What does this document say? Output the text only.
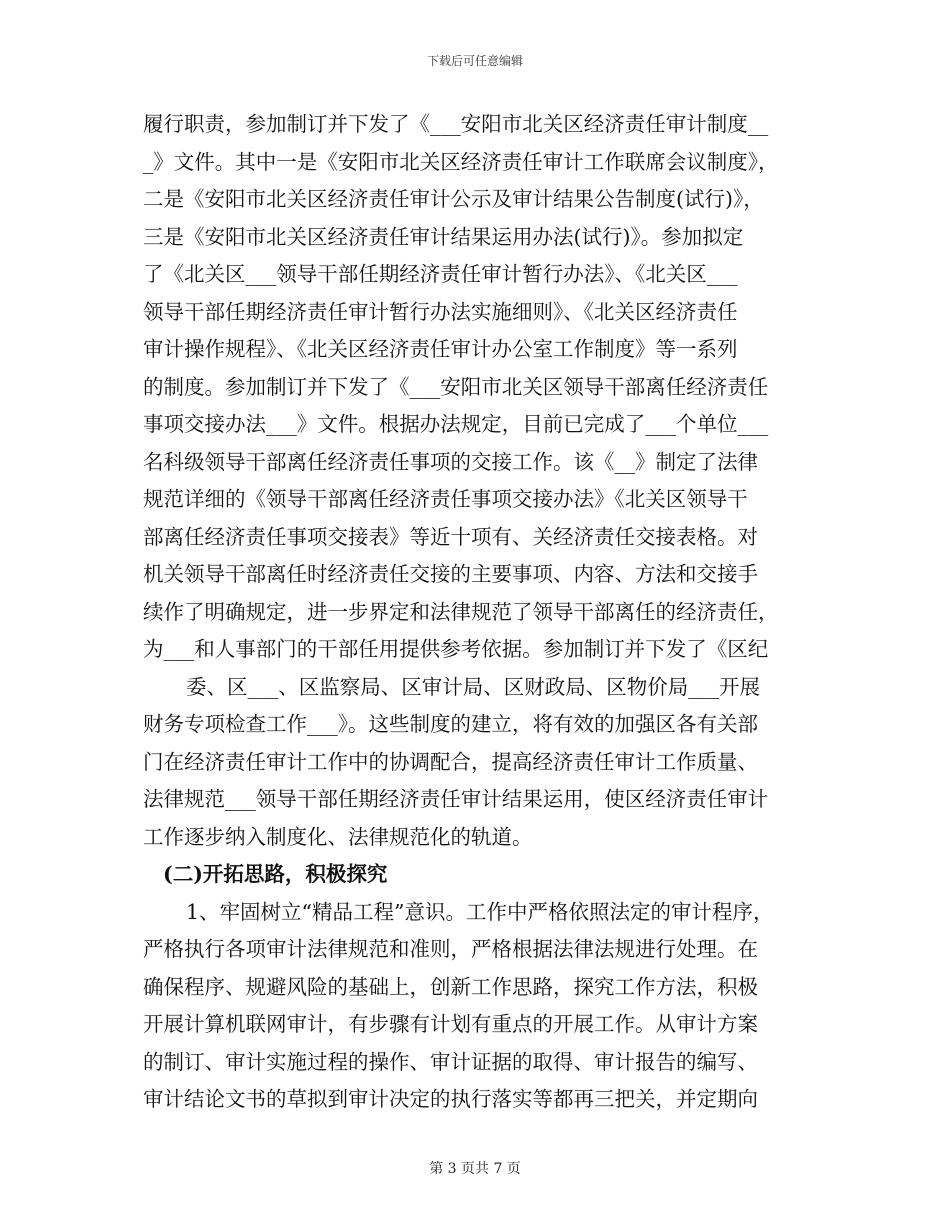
下载后可任意编辑
履行职责，参加制订并下发了《___安阳市北关区经济责任审计制度__
_》文件。其中一是《安阳市北关区经济责任审计工作联席会议制度》，
二是《安阳市北关区经济责任审计公示及审计结果公告制度(试行)》，
三是《安阳市北关区经济责任审计结果运用办法(试行)》。参加拟定
了《北关区___领导干部任期经济责任审计暂行办法》、《北关区___
领导干部任期经济责任审计暂行办法实施细则》、《北关区经济责任
审计操作规程》、《北关区经济责任审计办公室工作制度》等一系列
的制度。参加制订并下发了《___安阳市北关区领导干部离任经济责任
事项交接办法___》文件。根据办法规定，目前已完成了___个单位___
名科级领导干部离任经济责任事项的交接工作。该《__》制定了法律
规范详细的《领导干部离任经济责任事项交接办法》《北关区领导干
部离任经济责任事项交接表》等近十项有、关经济责任交接表格。对
机关领导干部离任时经济责任交接的主要事项、内容、方法和交接手
续作了明确规定，进一步界定和法律规范了领导干部离任的经济责任，
为___和人事部门的干部任用提供参考依据。参加制订并下发了《区纪
委、区___、区监察局、区审计局、区财政局、区物价局___开展
财务专项检查工作___》。这些制度的建立，将有效的加强区各有关部
门在经济责任审计工作中的协调配合，提高经济责任审计工作质量、
法律规范___领导干部任期经济责任审计结果运用，使区经济责任审计
工作逐步纳入制度化、法律规范化的轨道。
(二)开拓思路，积极探究
1、牢固树立“精品工程”意识。工作中严格依照法定的审计程序，
严格执行各项审计法律规范和准则，严格根据法律法规进行处理。在
确保程序、规避风险的基础上，创新工作思路，探究工作方法，积极
开展计算机联网审计，有步骤有计划有重点的开展工作。从审计方案
的制订、审计实施过程的操作、审计证据的取得、审计报告的编写、
审计结论文书的草拟到审计决定的执行落实等都再三把关，并定期向
第 3 页共 7 页
